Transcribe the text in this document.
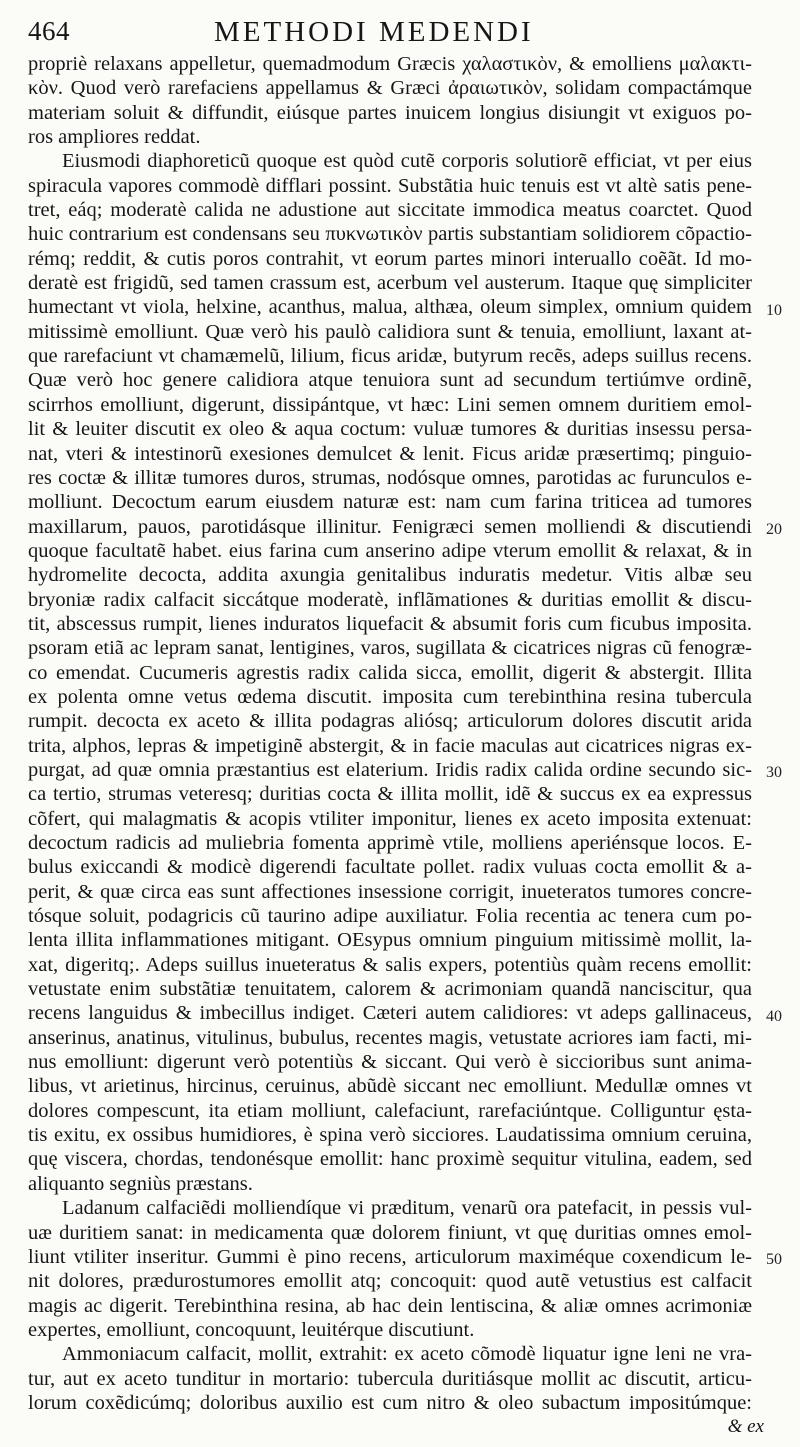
464	METHODI MEDENDI
propriè relaxans appelletur, quemadmodum Græcis χαλαστικὸν, & emolliens μαλακτι-
κὸν. Quod verò rarefaciens appellamus & Græci ἀραιωτικὸν, solidam compactámque
materiam soluit & diffundit, eiúsque partes inuicem longius disiungit vt exiguos po-
ros ampliores reddat.
Eiusmodi diaphoreticũ quoque est quòd cutẽ corporis solutiorẽ efficiat, vt per eius
spiracula vapores commodè difflari possint. Substãtia huic tenuis est vt altè satis pene-
tret, eáq; moderatè calida ne adustione aut siccitate immodica meatus coarctet. Quod
huic contrarium est condensans seu πυκνωτικὸν partis substantiam solidiorem cõpactio-
rémq; reddit, & cutis poros contrahit, vt eorum partes minori interuallo coẽãt. Id mo-
deratè est frigidũ, sed tamen crassum est, acerbum vel austerum. Itaque quę simpliciter
humectant vt viola, helxine, acanthus, malua, althæa, oleum simplex, omnium quidem
mitissimè emolliunt. Quæ verò his paulò calidiora sunt & tenuia, emolliunt, laxant at-
que rarefaciunt vt chamæmelũ, lilium, ficus aridæ, butyrum recẽs, adeps suillus recens.
Quæ verò hoc genere calidiora atque tenuiora sunt ad secundum tertiúmve ordinẽ,
scirrhos emolliunt, digerunt, dissipántque, vt hæc: Lini semen omnem duritiem emol-
lit & leuiter discutit ex oleo & aqua coctum: vuluæ tumores & duritias insessu persa-
nat, vteri & intestinorũ exesiones demulcet & lenit. Ficus aridæ præsertimq; pinguio-
res coctæ & illitæ tumores duros, strumas, nodósque omnes, parotidas ac furunculos e-
molliunt. Decoctum earum eiusdem naturæ est: nam cum farina triticea ad tumores
maxillarum, pauos, parotidásque illinitur. Fenigræci semen molliendi & discutiendi
quoque facultatẽ habet. eius farina cum anserino adipe vterum emollit & relaxat, & in
hydromelite decocta, addita axungia genitalibus induratis medetur. Vitis albæ seu
bryoniæ radix calfacit siccátque moderatè, inflãmationes & duritias emollit & discu-
tit, abscessus rumpit, lienes induratos liquefacit & absumit foris cum ficubus imposita.
psoram etiã ac lepram sanat, lentigines, varos, sugillata & cicatrices nigras cũ fenogræ-
co emendat. Cucumeris agrestis radix calida sicca, emollit, digerit & abstergit. Illita
ex polenta omne vetus œdema discutit. imposita cum terebinthina resina tubercula
rumpit. decocta ex aceto & illita podagras aliósq; articulorum dolores discutit arida
trita, alphos, lepras & impetiginẽ abstergit, & in facie maculas aut cicatrices nigras ex-
purgat, ad quæ omnia præstantius est elaterium. Iridis radix calida ordine secundo sic-
ca tertio, strumas veteresq; duritias cocta & illita mollit, idẽ & succus ex ea expressus
cõfert, qui malagmatis & acopis vtiliter imponitur, lienes ex aceto imposita extenuat:
decoctum radicis ad muliebria fomenta apprimè vtile, molliens aperiénsque locos. E-
bulus exiccandi & modicè digerendi facultate pollet. radix vuluas cocta emollit & a-
perit, & quæ circa eas sunt affectiones insessione corrigit, inueteratos tumores concre-
tósque soluit, podagricis cũ taurino adipe auxiliatur. Folia recentia ac tenera cum po-
lenta illita inflammationes mitigant. OEsypus omnium pinguium mitissimè mollit, la-
xat, digeritq;. Adeps suillus inueteratus & salis expers, potentiùs quàm recens emollit:
vetustate enim substãtiæ tenuitatem, calorem & acrimoniam quandã nanciscitur, qua
recens languidus & imbecillus indiget. Cæteri autem calidiores: vt adeps gallinaceus,
anserinus, anatinus, vitulinus, bubulus, recentes magis, vetustate acriores iam facti, mi-
nus emolliunt: digerunt verò potentiùs & siccant. Qui verò è siccioribus sunt anima-
libus, vt arietinus, hircinus, ceruinus, abũdè siccant nec emolliunt. Medullæ omnes vt
dolores compescunt, ita etiam molliunt, calefaciunt, rarefaciúntque. Colliguntur ęsta-
tis exitu, ex ossibus humidiores, è spina verò sicciores. Laudatissima omnium ceruina,
quę viscera, chordas, tendonésque emollit: hanc proximè sequitur vitulina, eadem, sed
aliquanto segniùs præstans.
Ladanum calfaciẽdi molliendíque vi præditum, venarũ ora patefacit, in pessis vul-
uæ duritiem sanat: in medicamenta quæ dolorem finiunt, vt quę duritias omnes emol-
liunt vtiliter inseritur. Gummi è pino recens, articulorum maximéque coxendicum le-
nit dolores, prædurostumores emollit atq; concoquit: quod autẽ vetustius est calfacit
magis ac digerit. Terebinthina resina, ab hac dein lentiscina, & aliæ omnes acrimoniæ
expertes, emolliunt, concoquunt, leuitérque discutiunt.
Ammoniacum calfacit, mollit, extrahit: ex aceto cõmodè liquatur igne leni ne vra-
tur, aut ex aceto tunditur in mortario: tubercula duritiásque mollit ac discutit, articu-
lorum coxẽdicúmq; doloribus auxilio est cum nitro & oleo subactum impositúmque:
10
20
30
40
50
& ex
